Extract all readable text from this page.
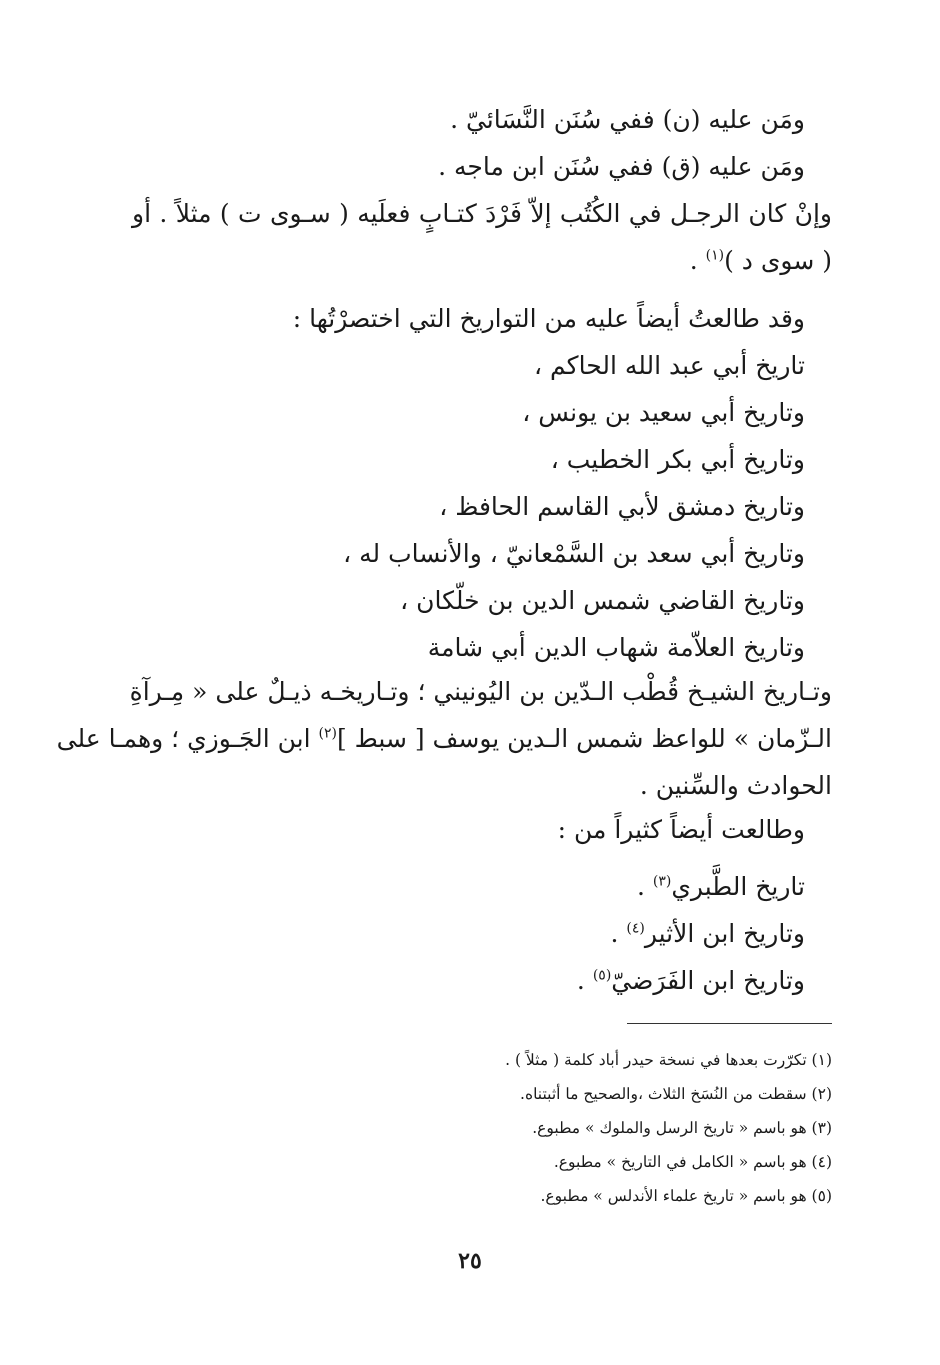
ومَن عليه (ن) ففي سُنَن النَّسَائيّ .
ومَن عليه (ق) ففي سُنَن ابن ماجه .
وإنْ كان الرجـل في الكُتُب إلاّ فَرْدَ كتـابٍ فعلَيه ( سـوى ت ) مثلاً . أو
( سوى د )$^{(١)}$ .
وقد طالعتُ أيضاً عليه من التواريخ التي اختصرْتُها :
تاريخ أبي عبد الله الحاكم ،
وتاريخ أبي سعيد بن يونس ،
وتاريخ أبي بكر الخطيب ،
وتاريخ دمشق لأبي القاسم الحافظ ،
وتاريخ أبي سعد بن السَّمْعانيّ ، والأنساب له ،
وتاريخ القاضي شمس الدين بن خلّكان ،
وتاريخ العلاّمة شهاب الدين أبي شامة
وتـاريخ الشيـخ قُطْب الـدّين بن اليُونيني ؛ وتـاريخـه ذيـلٌ على « مِـرآةِ
الـزّمان » للواعظ شمس الـدين يوسف [ سبط ]$^{(٢)}$ ابن الجَـوزي ؛ وهمـا على
الحوادث والسِّنين .
وطالعت أيضاً كثيراً من :
تاريخ الطَّبري$^{(٣)}$ .
وتاريخ ابن الأثير$^{(٤)}$ .
وتاريخ ابن الفَرَضيّ$^{(٥)}$ .
(١) تكرّرت بعدها في نسخة حيدر أباد كلمة ( مثلاً ) .
(٢) سقطت من النُسَخ الثلاث ،والصحيح ما أثبتناه.
(٣) هو باسم « تاريخ الرسل والملوك » مطبوع.
(٤) هو باسم « الكامل في التاريخ » مطبوع.
(٥) هو باسم « تاريخ علماء الأندلس » مطبوع.
٢٥
